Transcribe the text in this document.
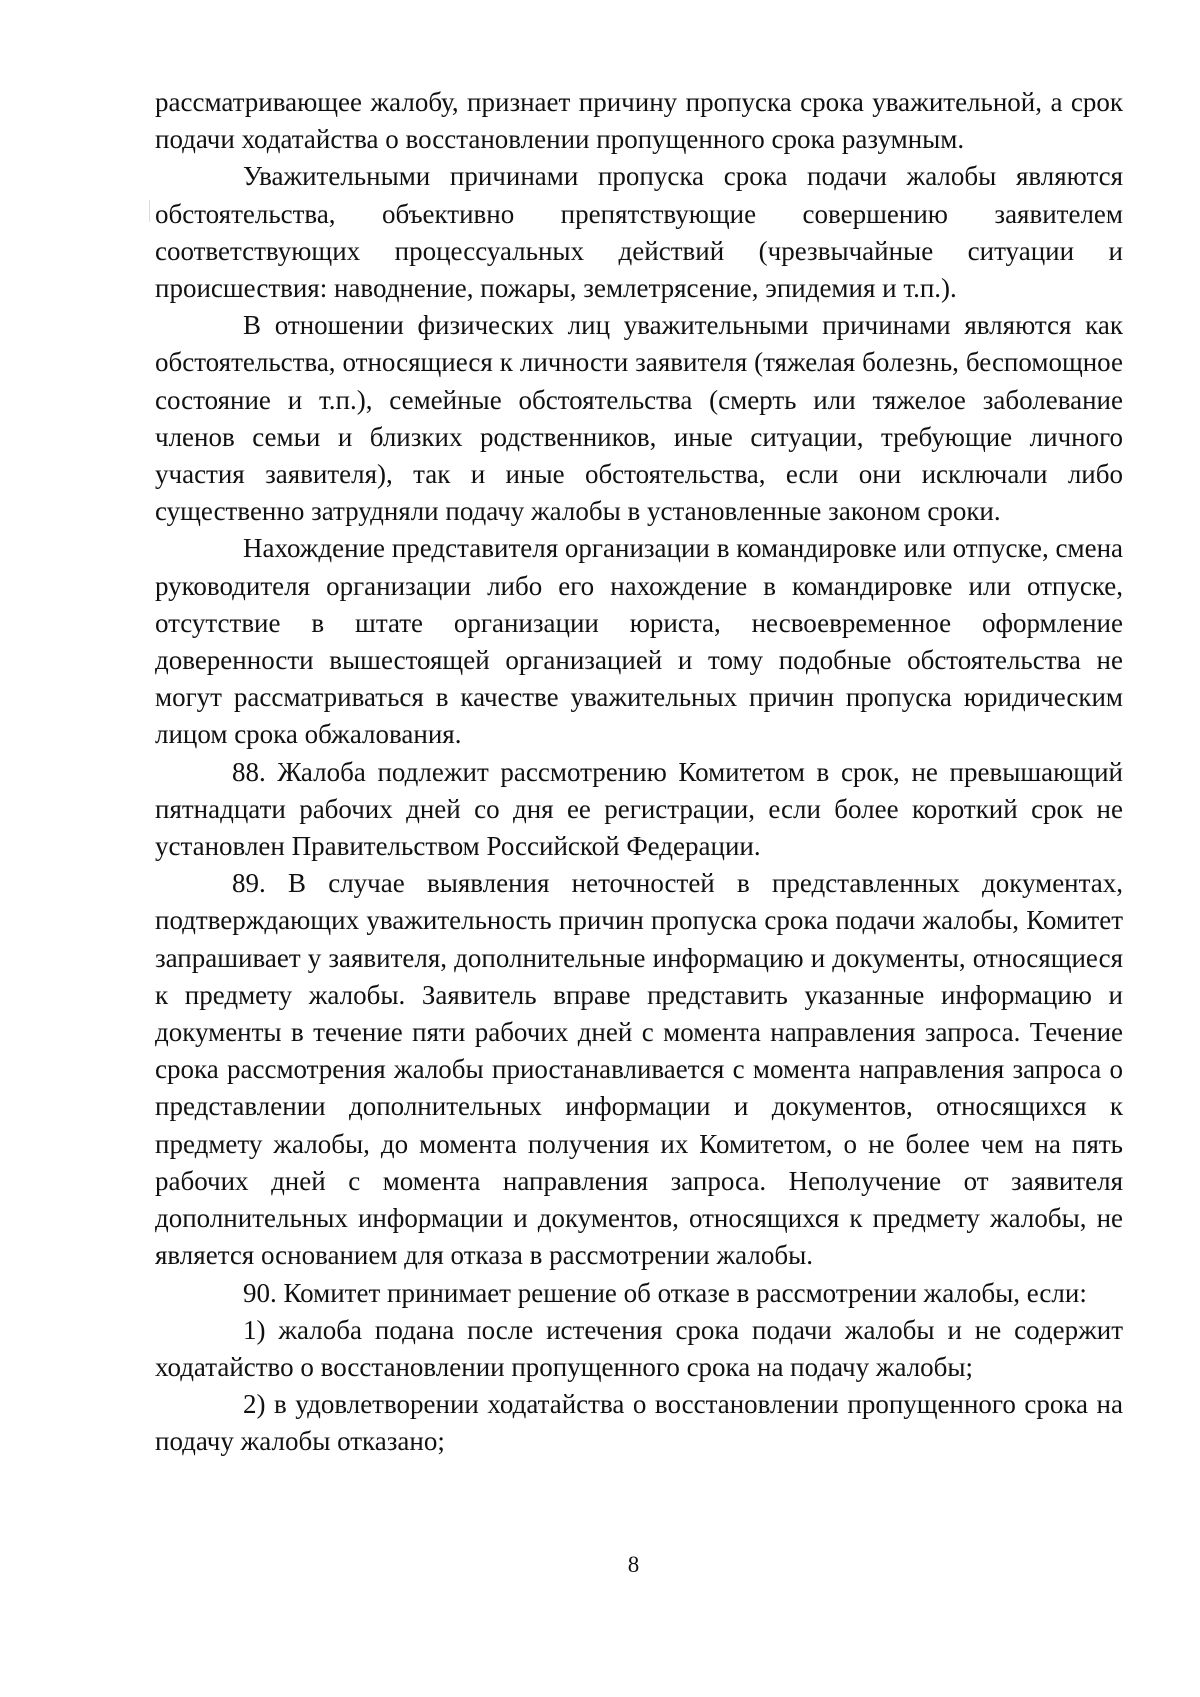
рассматривающее жалобу, признает причину пропуска срока уважительной, а срок подачи ходатайства о восстановлении пропущенного срока разумным.

Уважительными причинами пропуска срока подачи жалобы являются обстоятельства, объективно препятствующие совершению заявителем соответствующих процессуальных действий (чрезвычайные ситуации и происшествия: наводнение, пожары, землетрясение, эпидемия и т.п.).

В отношении физических лиц уважительными причинами являются как обстоятельства, относящиеся к личности заявителя (тяжелая болезнь, беспомощное состояние и т.п.), семейные обстоятельства (смерть или тяжелое заболевание членов семьи и близких родственников, иные ситуации, требующие личного участия заявителя), так и иные обстоятельства, если они исключали либо существенно затрудняли подачу жалобы в установленные законом сроки.

Нахождение представителя организации в командировке или отпуске, смена руководителя организации либо его нахождение в командировке или отпуске, отсутствие в штате организации юриста, несвоевременное оформление доверенности вышестоящей организацией и тому подобные обстоятельства не могут рассматриваться в качестве уважительных причин пропуска юридическим лицом срока обжалования.

88. Жалоба подлежит рассмотрению Комитетом в срок, не превышающий пятнадцати рабочих дней со дня ее регистрации, если более короткий срок не установлен Правительством Российской Федерации.

89. В случае выявления неточностей в представленных документах, подтверждающих уважительность причин пропуска срока подачи жалобы, Комитет запрашивает у заявителя, дополнительные информацию и документы, относящиеся к предмету жалобы. Заявитель вправе представить указанные информацию и документы в течение пяти рабочих дней с момента направления запроса. Течение срока рассмотрения жалобы приостанавливается с момента направления запроса о представлении дополнительных информации и документов, относящихся к предмету жалобы, до момента получения их Комитетом, о не более чем на пять рабочих дней с момента направления запроса. Неполучение от заявителя дополнительных информации и документов, относящихся к предмету жалобы, не является основанием для отказа в рассмотрении жалобы.

90. Комитет принимает решение об отказе в рассмотрении жалобы, если:

1) жалоба подана после истечения срока подачи жалобы и не содержит ходатайство о восстановлении пропущенного срока на подачу жалобы;

2) в удовлетворении ходатайства о восстановлении пропущенного срока на подачу жалобы отказано;

8
